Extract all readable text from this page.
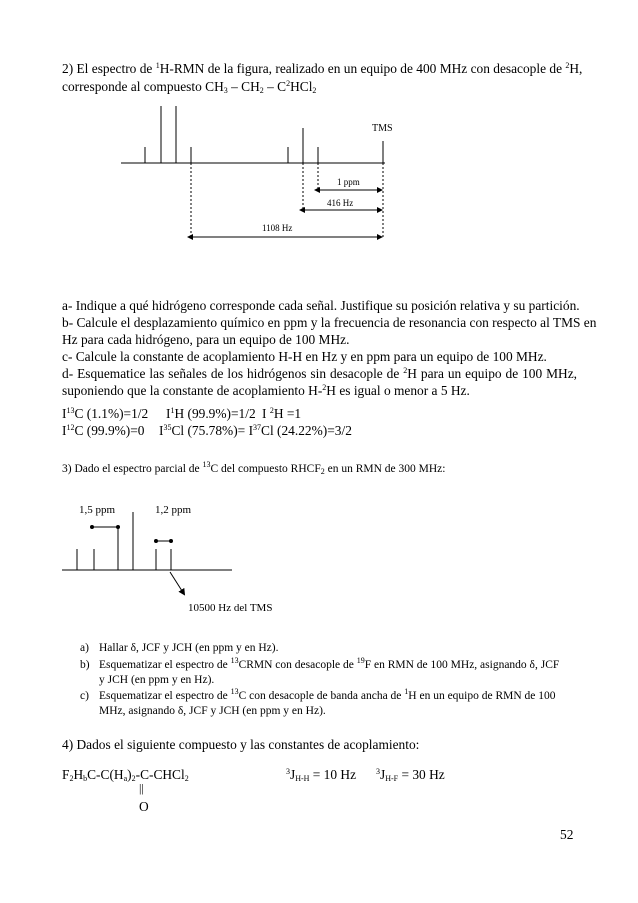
2) El espectro de $^1$H-RMN de la figura, realizado en un equipo de 400 MHz con desacople de $^2$H,
corresponde al compuesto $CH_3 - CH_2 - C^2HCl_2$
TMS
1 ppm
416 Hz
1108 Hz
a- Indique a qué hidrógeno corresponde cada señal. Justifique su posición relativa y su partición.
b- Calcule el desplazamiento químico en ppm y la frecuencia de resonancia con respecto al TMS en
Hz para cada hidrógeno, para un equipo de 100 MHz.
c- Calcule la constante de acoplamiento H-H en Hz y en ppm para un equipo de 100 MHz.
d- Esquematice las señales de los hidrógenos sin desacople de $^2$H para un equipo de 100 MHz,
suponiendo que la constante de acoplamiento H-$^2$H es igual o menor a 5 Hz.
$I^{13}C$ (1.1%)=1/2 $I^1H$ (99.9%)=1/2 I $^2$H =1
$I^{12}C$ (99.9%)=0 $I^{35}Cl$ $(75.78\%)= I^{37}Cl$ (24.22%)=3/2
3) Dado el espectro parcial de $^{13}$C del compuesto $RHCF_2$ en un RMN de 300 MHz:
1,5 ppm	1,2 ppm
10500 Hz del TMS
a) Hallar δ, JCF y JCH (en ppm y en Hz).
b) Esquematizar el espectro de $^{13}$CRMN con desacople de $^{19}$F en RMN de 100 MHz, asignando δ, JCF
y JCH (en ppm y en Hz).
c) Esquematizar el espectro de $^{13}$C con desacople de banda ancha de $^1$H en un equipo de RMN de 100
MHz, asignando δ, JCF y JCH (en ppm y en Hz).
4) Dados el siguiente compuesto y las constantes de acoplamiento:
$F_2H_bC-C(H_a)_2-C-CHCl_2$
||
O
$^3J_{H-H} = 10$ Hz $^3J_{H-F} = 30$ Hz
52
